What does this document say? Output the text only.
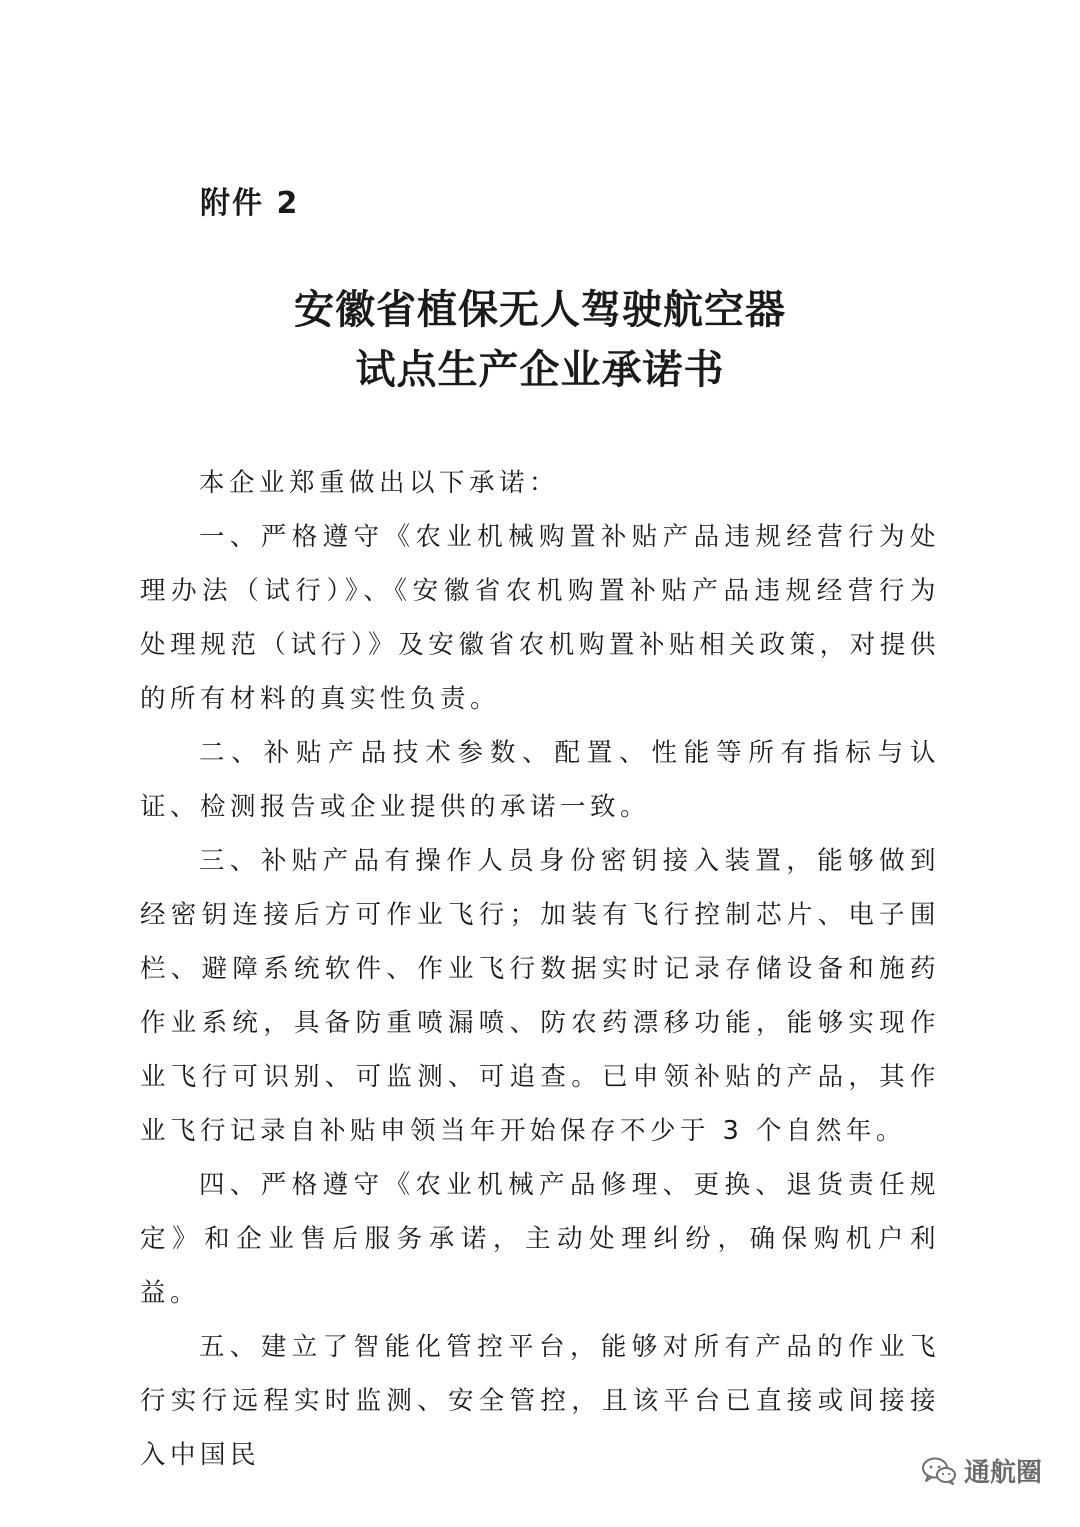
附件 2
安徽省植保无人驾驶航空器
试点生产企业承诺书

本企业郑重做出以下承诺：

一、严格遵守《农业机械购置补贴产品违规经营行为处理办法（试行）》、《安徽省农机购置补贴产品违规经营行为处理规范（试行）》及安徽省农机购置补贴相关政策，对提供的所有材料的真实性负责。

二、补贴产品技术参数、配置、性能等所有指标与认证、检测报告或企业提供的承诺一致。

三、补贴产品有操作人员身份密钥接入装置，能够做到经密钥连接后方可作业飞行；加装有飞行控制芯片、电子围栏、避障系统软件、作业飞行数据实时记录存储设备和施药作业系统，具备防重喷漏喷、防农药漂移功能，能够实现作业飞行可识别、可监测、可追查。已申领补贴的产品，其作业飞行记录自补贴申领当年开始保存不少于 3 个自然年。

四、严格遵守《农业机械产品修理、更换、退货责任规定》和企业售后服务承诺，主动处理纠纷，确保购机户利益。

五、建立了智能化管控平台，能够对所有产品的作业飞行实行远程实时监测、安全管控，且该平台已直接或间接接入中国民

通航圈
